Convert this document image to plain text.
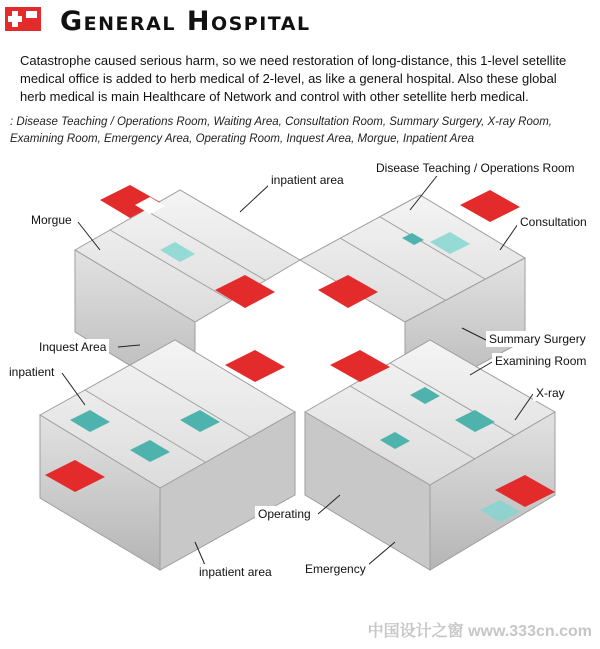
General Hospital
Catastrophe caused serious harm, so we need restoration of long-distance, this 1-level setellite medical office is added to herb medical of 2-level, as like a general hospital. Also these global herb medical is main Healthcare of Network and control with other setellite herb medical.
: Disease Teaching / Operations Room, Waiting Area, Consultation Room, Summary Surgery, X-ray Room, Examining Room, Emergency Area, Operating Room, Inquest Area, Morgue, Inpatient Area
inpatient area
Disease Teaching / Operations Room
Morgue	Consultation
Inquest Area
Summary Surgery
inpatient
Examining Room
X-ray
Operating
inpatient area	Emergency
中国设计之窗 www.333cn.com
